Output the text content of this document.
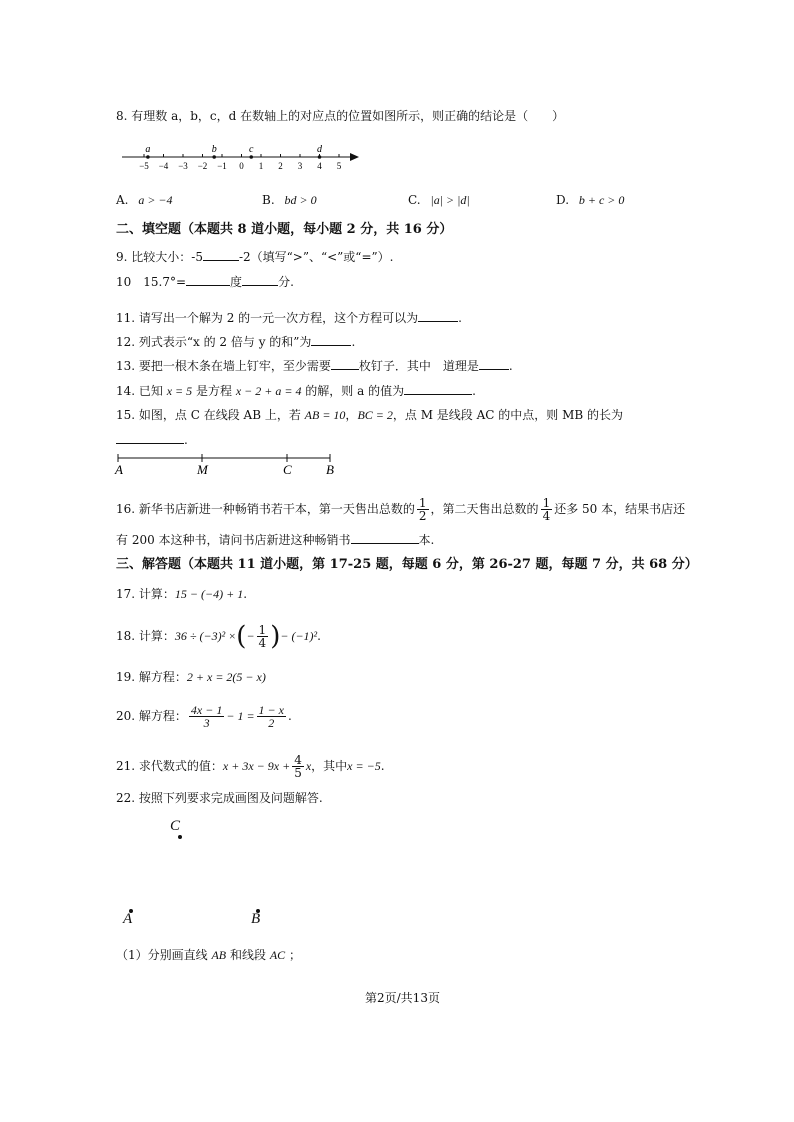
8. 有理数 a，b，c，d 在数轴上的对应点的位置如图所示，则正确的结论是（　　）
−5 −4 −3 −2 −1 0 1 2 3 4 5
a	b	c	d
A. a > −4	B. bd > 0	C. |a| > |d|	D. b + c > 0
二、填空题（本题共 8 道小题，每小题 2 分，共 16 分）
9. 比较大小：-5	-2（填写“>”、“<”或“=”）.
10　15.7°=	度	分.
11. 请写出一个解为 2 的一元一次方程，这个方程可以为	.
12. 列式表示“x 的 2 倍与 y 的和”为	.
13. 要把一根木条在墙上钉牢，至少需要 枚钉子．其中　道理是	.
14. 已知 x = 5 是方程 x − 2 + a = 4 的解，则 a 的值为	.
15. 如图，点 C 在线段 AB 上，若 AB = 10，BC = 2，点 M 是线段 AC 的中点，则 MB 的长为
.
A	M	C	B
16. 新华书店新进一种畅销书若干本，第一天售出总数的 $\frac{1}{2}$ ，第二天售出总数的 $\frac{1}{4}$ 还多 50 本，结果书店还
有 200 本这种书，请问书店新进这种畅销书	本.
三、解答题（本题共 11 道小题，第 17-25 题，每题 6 分，第 26-27 题，每题 7 分，共 68 分）
17. 计算：15 − (−4) + 1.
18. 计算：36 ÷ (−3)² ×(− $\frac{1}{4}$ )− (−1)².
19. 解方程：2 + x = 2(5 − x)
20. 解方程： $\frac{4x - 1}{3} - 1 = \frac{1 - x}{2}$ .
21. 求代数式的值：$x + 3x - 9x + \frac{4}{5}$ x，其中x = −5.
22. 按照下列要求完成画图及问题解答.
C
A	B
（1）分别画直线 AB 和线段 AC ；
第2页/共13页
